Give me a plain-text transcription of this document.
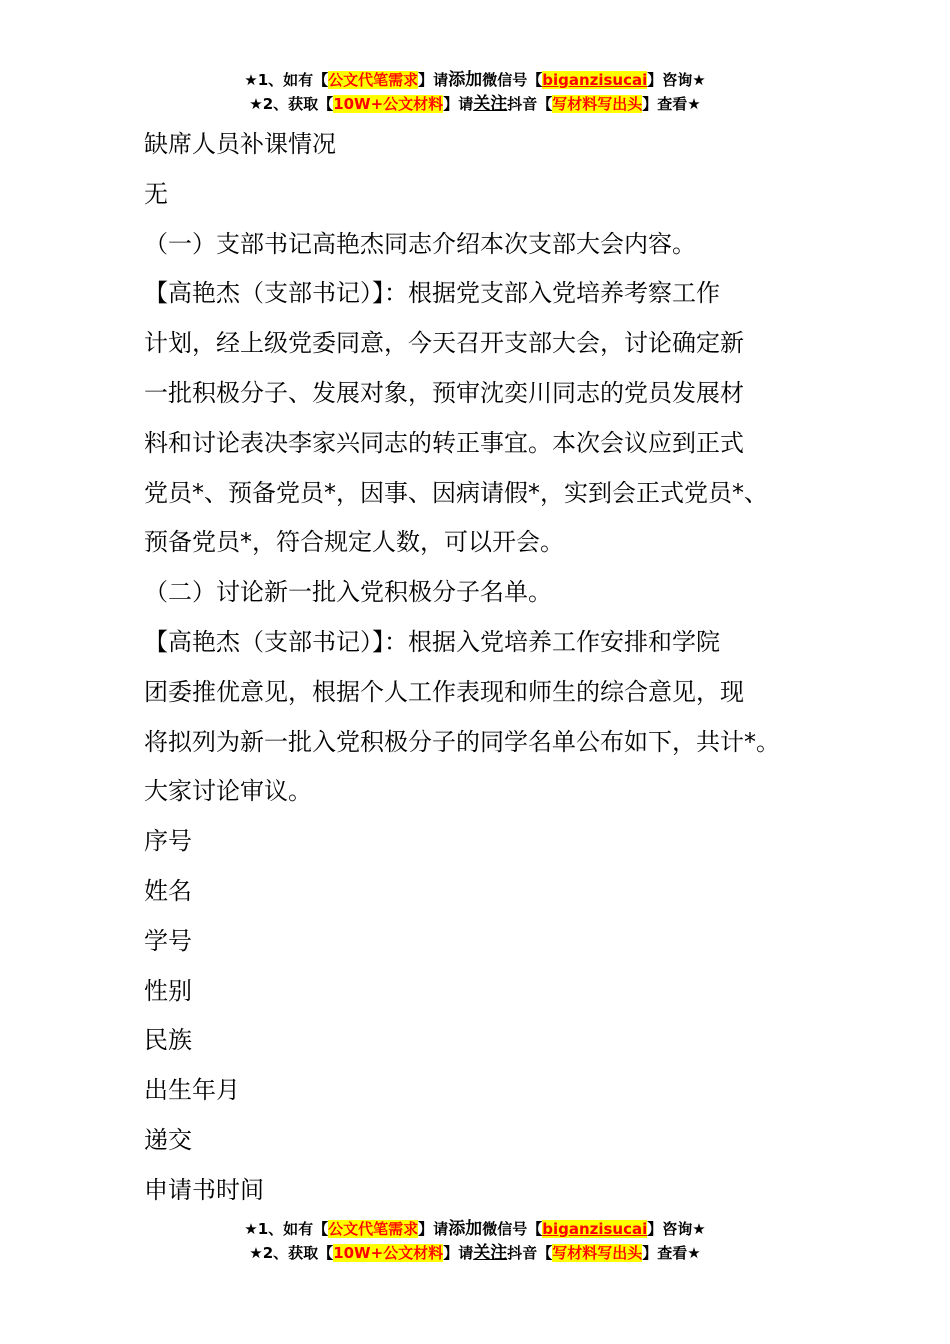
★1、如有【公文代笔需求】请添加微信号【biganzisucai】咨询★
★2、获取【10W+公文材料】请关注抖音【写材料写出头】查看★

缺席人员补课情况

无

（一）支部书记高艳杰同志介绍本次支部大会内容。

【高艳杰（支部书记）】：根据党支部入党培养考察工作

计划，经上级党委同意，今天召开支部大会，讨论确定新

一批积极分子、发展对象，预审沈奕川同志的党员发展材

料和讨论表决李家兴同志的转正事宜。本次会议应到正式

党员*、预备党员*，因事、因病请假*，实到会正式党员*、

预备党员*，符合规定人数，可以开会。

（二）讨论新一批入党积极分子名单。

【高艳杰（支部书记）】：根据入党培养工作安排和学院

团委推优意见，根据个人工作表现和师生的综合意见，现

将拟列为新一批入党积极分子的同学名单公布如下，共计*。

大家讨论审议。

序号

姓名

学号

性别

民族

出生年月

递交

申请书时间

★1、如有【公文代笔需求】请添加微信号【biganzisucai】咨询★
★2、获取【10W+公文材料】请关注抖音【写材料写出头】查看★
